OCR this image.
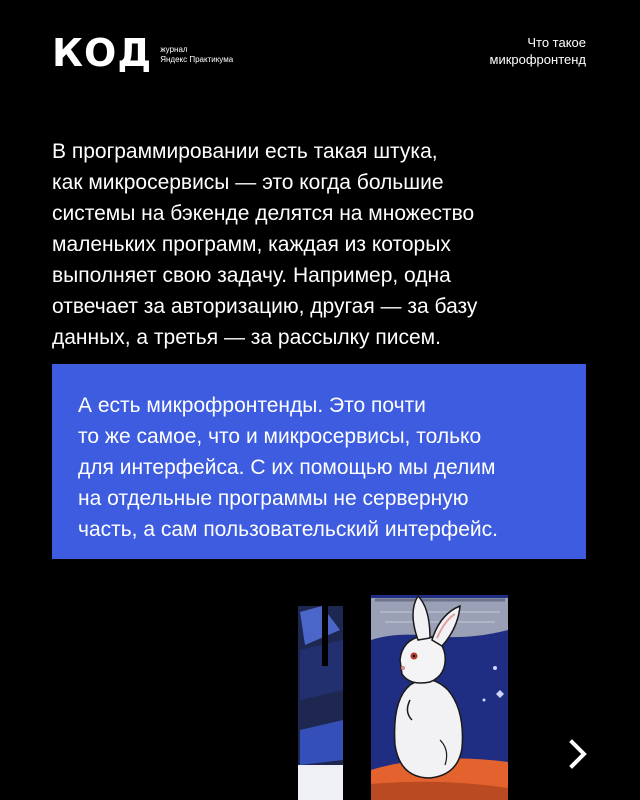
КОД журнал
Яндекс Практикума
Что такое
микрофронтенд
В программировании есть такая штука,
как микросервисы — это когда большие
системы на бэкенде делятся на множество
маленьких программ, каждая из которых
выполняет свою задачу. Например, одна
отвечает за авторизацию, другая — за базу
данных, а третья — за рассылку писем.
А есть микрофронтенды. Это почти
то же самое, что и микросервисы, только
для интерфейса. С их помощью мы делим
на отдельные программы не серверную
часть, а сам пользовательский интерфейс.
